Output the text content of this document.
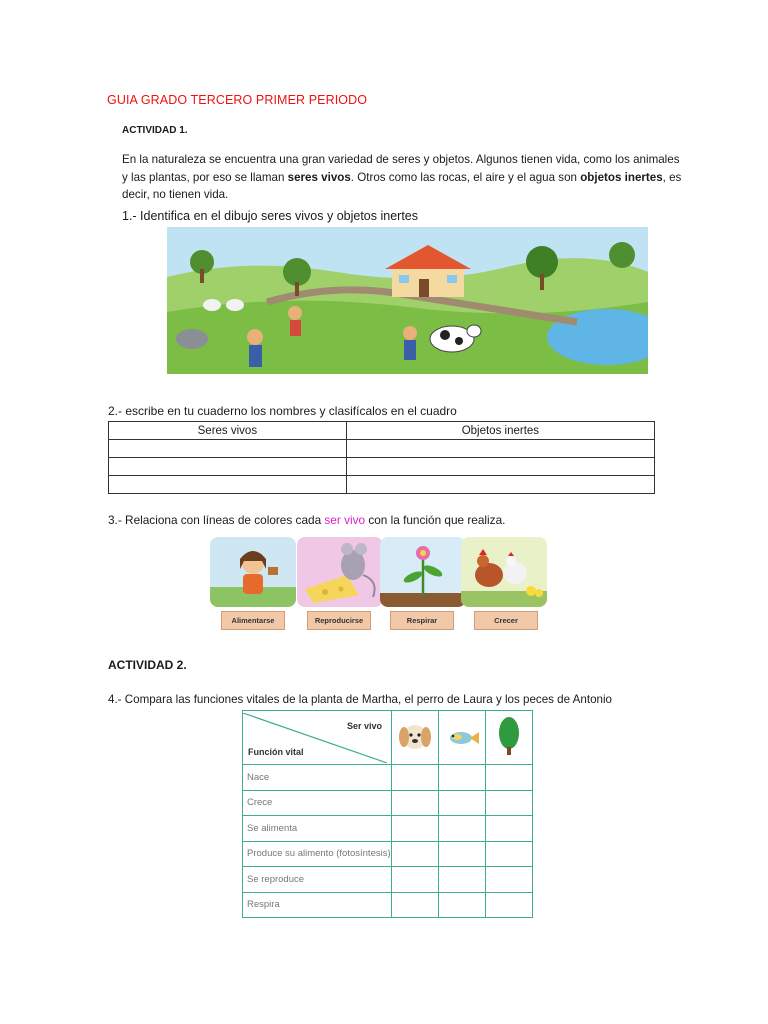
GUIA GRADO TERCERO PRIMER PERIODO
ACTIVIDAD 1.
En la naturaleza se encuentra una gran variedad de seres y objetos. Algunos tienen vida, como los animales y las plantas, por eso se llaman seres vivos. Otros como las rocas, el aire y el agua son objetos inertes, es decir, no tienen vida.
1.- Identifica en el dibujo seres vivos y objetos inertes
2.- escribe en tu cuaderno los nombres y clasifícalos en el cuadro
Seres vivos	Objetos inertes

3.- Relaciona con líneas de colores cada ser vivo con la función que realiza.
Alimentarse	Reproducirse	Respirar	Crecer
ACTIVIDAD 2.
4.- Compara las funciones vitales de la planta de Martha, el perro de Laura y los peces de Antonio
Ser vivo
Función vital

Nace			
Crece			
Se alimenta			
Produce su alimento (fotosíntesis)			
Se reproduce			
Respira			
